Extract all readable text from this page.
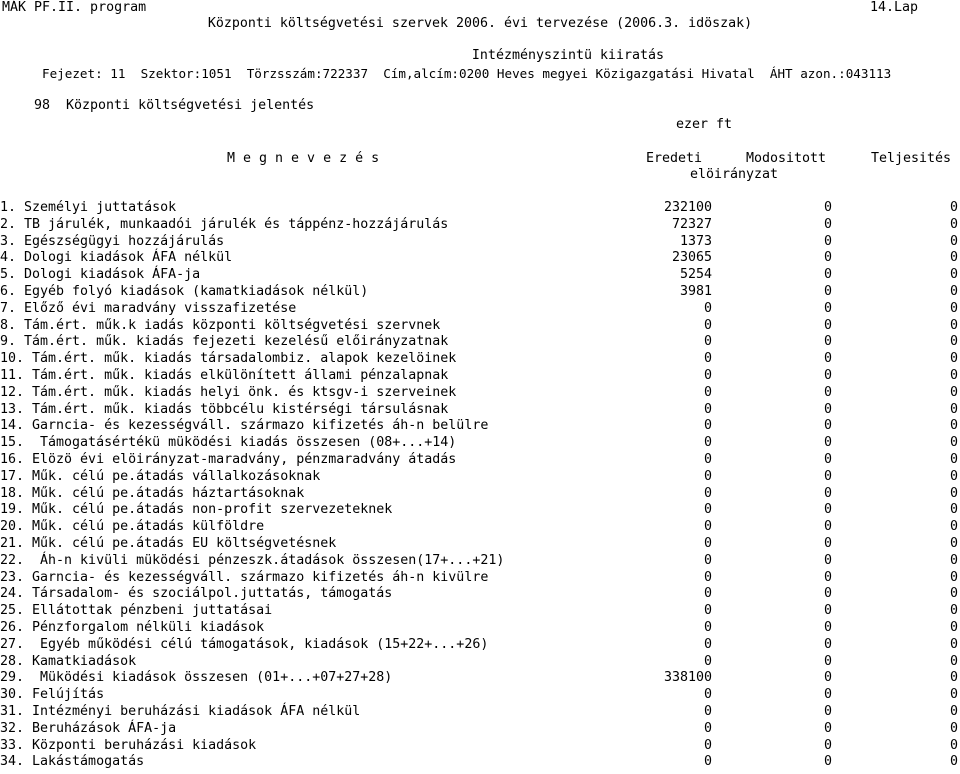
MÁK PF.II. program	14.Lap
Központi költségvetési szervek 2006. évi tervezése (2006.3. idöszak)
Intézményszintü kiiratás
Fejezet: 11  Szektor:1051  Törzsszám:722337  Cím,alcím:0200 Heves megyei Közigazgatási Hivatal  ÁHT azon.:043113
98  Központi költségvetési jelentés
ezer ft
M e g n e v e z é s	Eredeti	Modositott	Teljesités
elöirányzat
1. Személyi juttatások	232100	0	0
2. TB járulék, munkaadói járulék és táppénz-hozzájárulás	72327	0	0
3. Egészségügyi hozzájárulás	1373	0	0
4. Dologi kiadások ÁFA nélkül	23065	0	0
5. Dologi kiadások ÁFA-ja	5254	0	0
6. Egyéb folyó kiadások (kamatkiadások nélkül)	3981	0	0
7. Előző évi maradvány visszafizetése	0	0	0
8. Tám.ért. műk.k iadás központi költségvetési szervnek	0	0	0
9. Tám.ért. műk. kiadás fejezeti kezelésű előirányzatnak	0	0	0
10. Tám.ért. műk. kiadás társadalombiz. alapok kezelöinek	0	0	0
11. Tám.ért. műk. kiadás elkülönített állami pénzalapnak	0	0	0
12. Tám.ért. műk. kiadás helyi önk. és ktsgv-i szerveinek	0	0	0
13. Tám.ért. műk. kiadás többcélu kistérségi társulásnak	0	0	0
14. Garncia- és kezességváll. származo kifizetés áh-n belülre	0	0	0
15.  Támogatásértékü müködési kiadás összesen (08+...+14)	0	0	0
16. Elözö évi elöirányzat-maradvány, pénzmaradvány átadás	0	0	0
17. Műk. célú pe.átadás vállalkozásoknak	0	0	0
18. Műk. célú pe.átadás háztartásoknak	0	0	0
19. Műk. célú pe.átadás non-profit szervezeteknek	0	0	0
20. Műk. célú pe.átadás külföldre	0	0	0
21. Műk. célú pe.átadás EU költségvetésnek	0	0	0
22.  Áh-n kivüli müködési pénzeszk.átadások összesen(17+...+21)	0	0	0
23. Garncia- és kezességváll. származo kifizetés áh-n kivülre	0	0	0
24. Társadalom- és szociálpol.juttatás, támogatás	0	0	0
25. Ellátottak pénzbeni juttatásai	0	0	0
26. Pénzforgalom nélküli kiadások	0	0	0
27.  Egyéb működési célú támogatások, kiadások (15+22+...+26)	0	0	0
28. Kamatkiadások	0	0	0
29.  Müködési kiadások összesen (01+...+07+27+28)	338100	0	0
30. Felújítás	0	0	0
31. Intézményi beruházási kiadások ÁFA nélkül	0	0	0
32. Beruházások ÁFA-ja	0	0	0
33. Központi beruházási kiadások	0	0	0
34. Lakástámogatás	0	0	0
